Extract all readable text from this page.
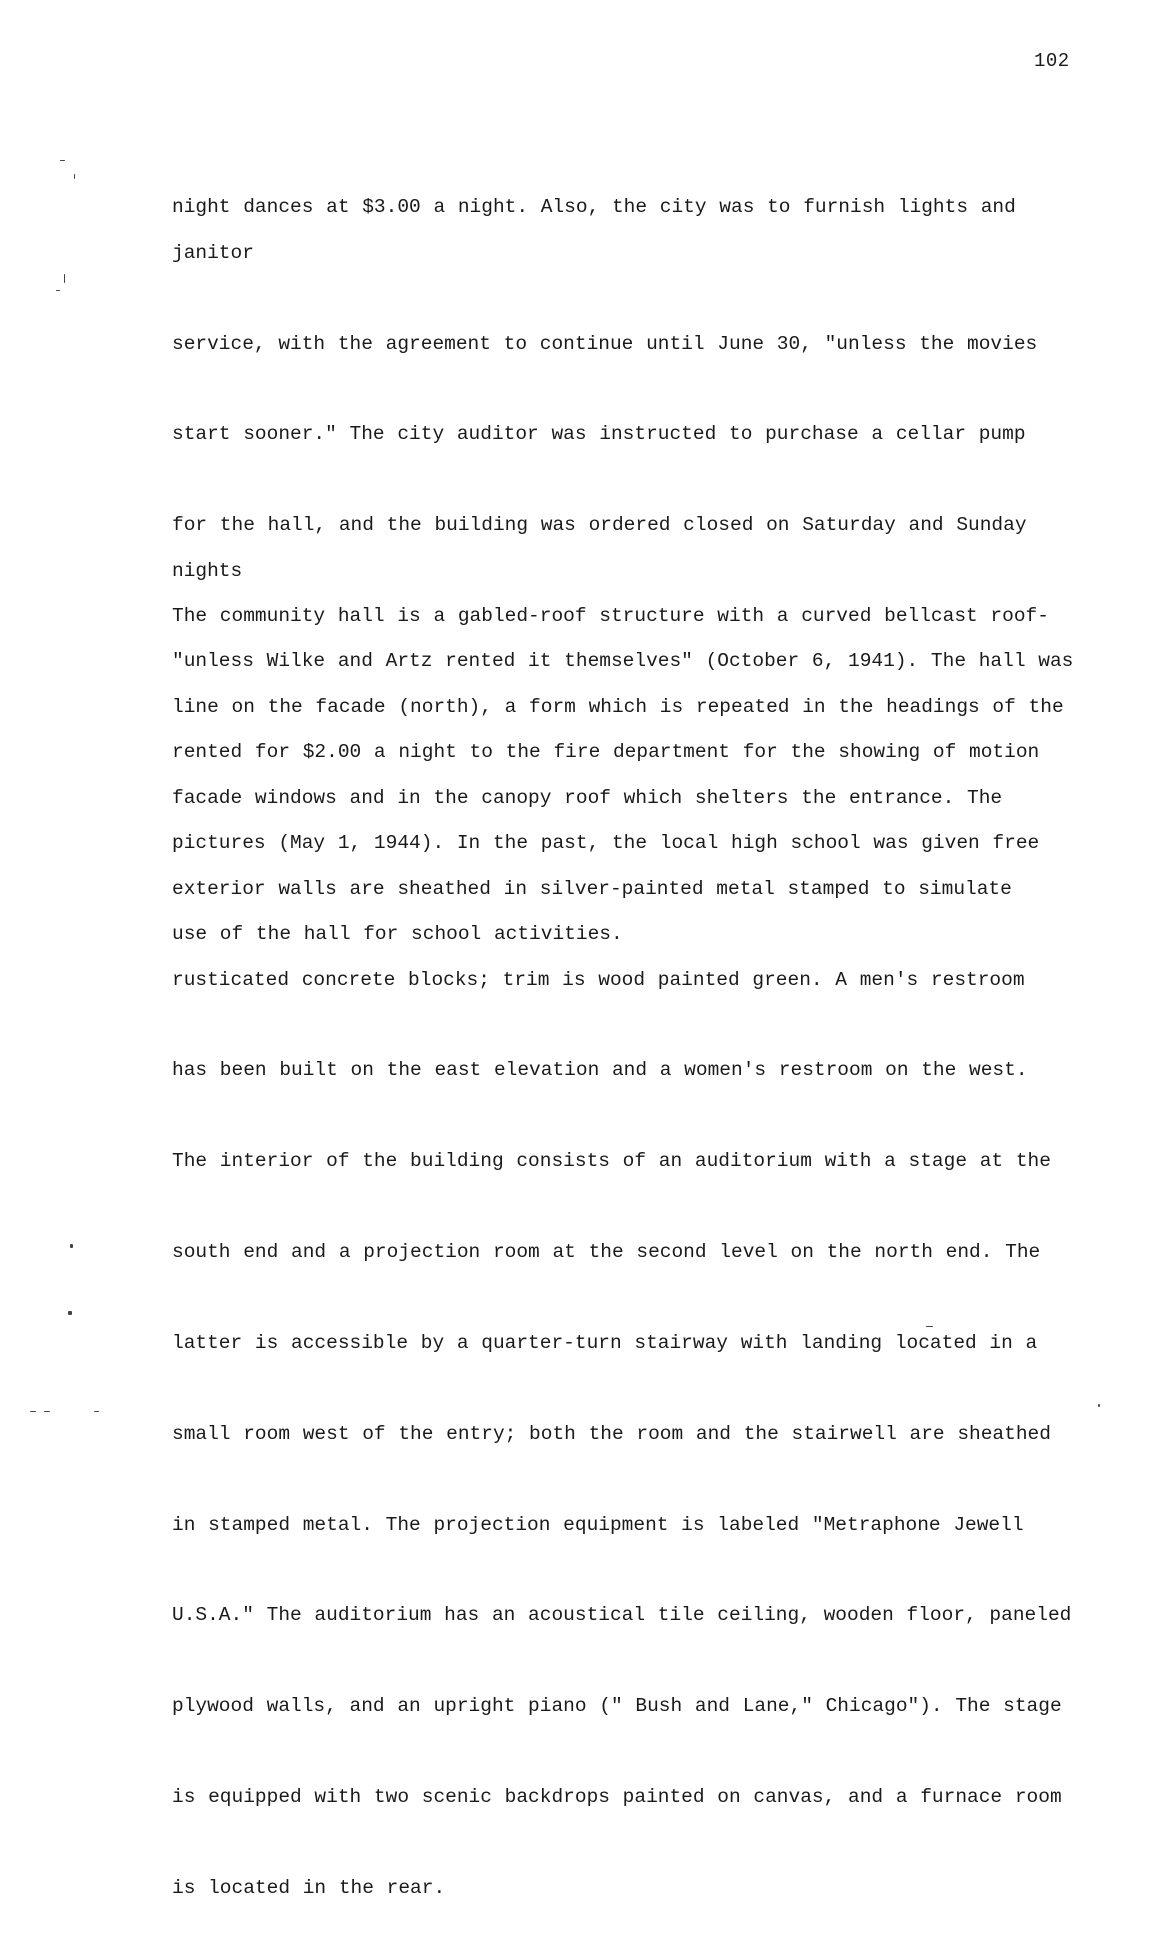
102

night dances at $3.00 a night. Also, the city was to furnish lights and janitor

service, with the agreement to continue until June 30, "unless the movies

start sooner." The city auditor was instructed to purchase a cellar pump

for the hall, and the building was ordered closed on Saturday and Sunday nights

"unless Wilke and Artz rented it themselves" (October 6, 1941). The hall was

rented for $2.00 a night to the fire department for the showing of motion

pictures (May 1, 1944). In the past, the local high school was given free

use of the hall for school activities.

The community hall is a gabled-roof structure with a curved bellcast roof-

line on the facade (north), a form which is repeated in the headings of the

facade windows and in the canopy roof which shelters the entrance. The

exterior walls are sheathed in silver-painted metal stamped to simulate

rusticated concrete blocks; trim is wood painted green. A men's restroom

has been built on the east elevation and a women's restroom on the west.

The interior of the building consists of an auditorium with a stage at the

south end and a projection room at the second level on the north end. The

latter is accessible by a quarter-turn stairway with landing located in a

small room west of the entry; both the room and the stairwell are sheathed

in stamped metal. The projection equipment is labeled "Metraphone Jewell

U.S.A." The auditorium has an acoustical tile ceiling, wooden floor, paneled

plywood walls, and an upright piano (" Bush and Lane," Chicago"). The stage

is equipped with two scenic backdrops painted on canvas, and a furnace room

is located in the rear.
